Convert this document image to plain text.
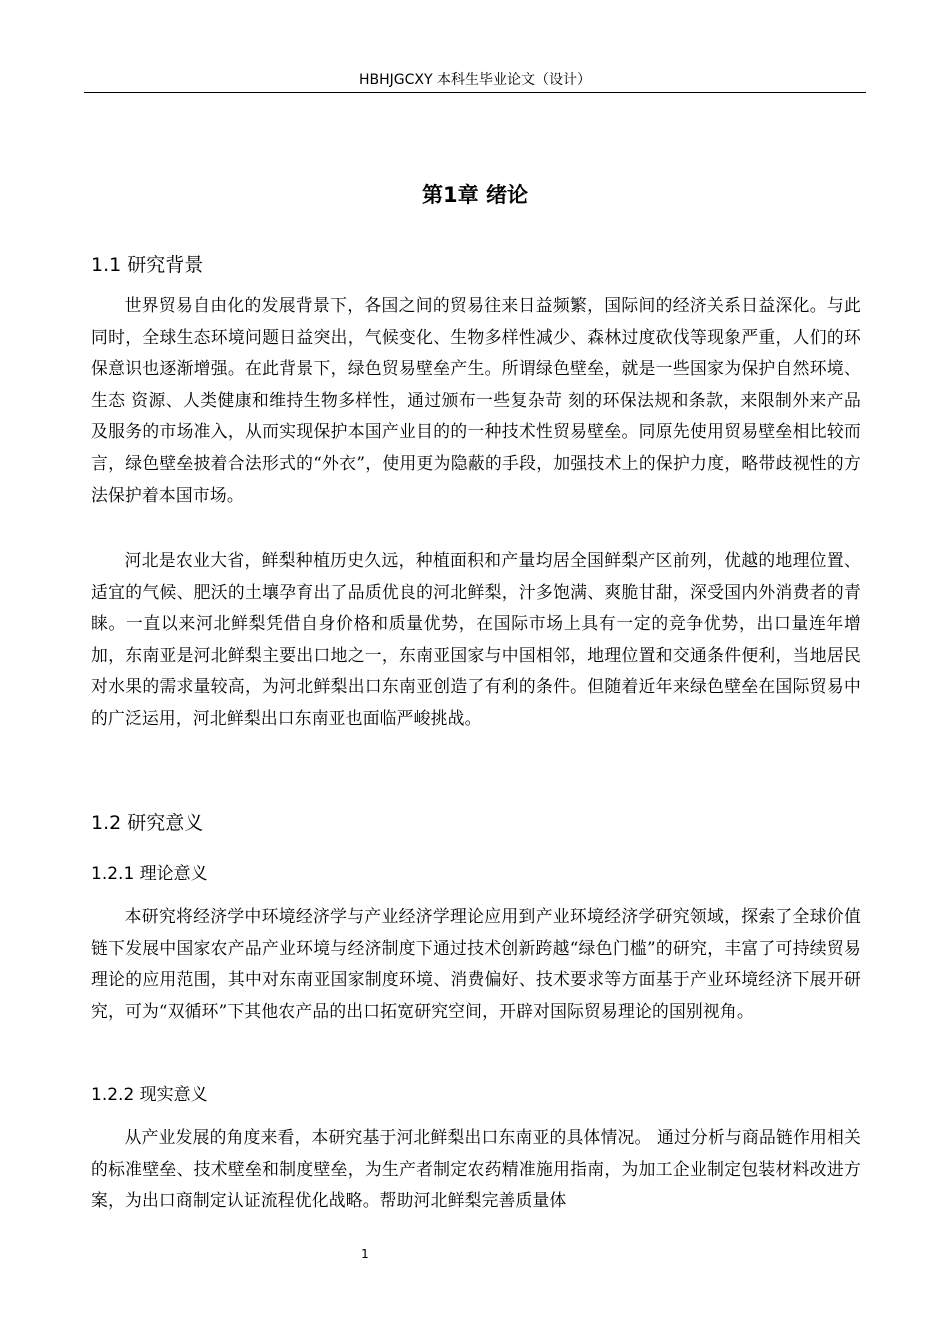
HBHJGCXY 本科生毕业论文（设计）
第1章 绪论
1.1 研究背景

世界贸易自由化的发展背景下，各国之间的贸易往来日益频繁，国际间的经济关系日益深化。与此同时，全球生态环境问题日益突出，气候变化、生物多样性减少、森林过度砍伐等现象严重，人们的环保意识也逐渐增强。在此背景下，绿色贸易壁垒产生。所谓绿色壁垒，就是一些国家为保护自然环境、生态 资源、人类健康和维持生物多样性，通过颁布一些复杂苛 刻的环保法规和条款，来限制外来产品及服务的市场准入，从而实现保护本国产业目的的一种技术性贸易壁垒。同原先使用贸易壁垒相比较而言，绿色壁垒披着合法形式的“外衣”，使用更为隐蔽的手段，加强技术上的保护力度，略带歧视性的方法保护着本国市场。

河北是农业大省，鲜梨种植历史久远，种植面积和产量均居全国鲜梨产区前列，优越的地理位置、适宜的气候、肥沃的土壤孕育出了品质优良的河北鲜梨，汁多饱满、爽脆甘甜，深受国内外消费者的青睐。一直以来河北鲜梨凭借自身价格和质量优势，在国际市场上具有一定的竞争优势，出口量连年增加，东南亚是河北鲜梨主要出口地之一，东南亚国家与中国相邻，地理位置和交通条件便利，当地居民对水果的需求量较高，为河北鲜梨出口东南亚创造了有利的条件。但随着近年来绿色壁垒在国际贸易中的广泛运用，河北鲜梨出口东南亚也面临严峻挑战。

1.2 研究意义
1.2.1 理论意义

本研究将经济学中环境经济学与产业经济学理论应用到产业环境经济学研究领域，探索了全球价值链下发展中国家农产品产业环境与经济制度下通过技术创新跨越“绿色门槛”的研究，丰富了可持续贸易理论的应用范围，其中对东南亚国家制度环境、消费偏好、技术要求等方面基于产业环境经济下展开研究，可为“双循环”下其他农产品的出口拓宽研究空间，开辟对国际贸易理论的国别视角。

1.2.2 现实意义

从产业发展的角度来看，本研究基于河北鲜梨出口东南亚的具体情况。 通过分析与商品链作用相关的标准壁垒、技术壁垒和制度壁垒，为生产者制定农药精准施用指南，为加工企业制定包装材料改进方案，为出口商制定认证流程优化战略。帮助河北鲜梨完善质量体

1
